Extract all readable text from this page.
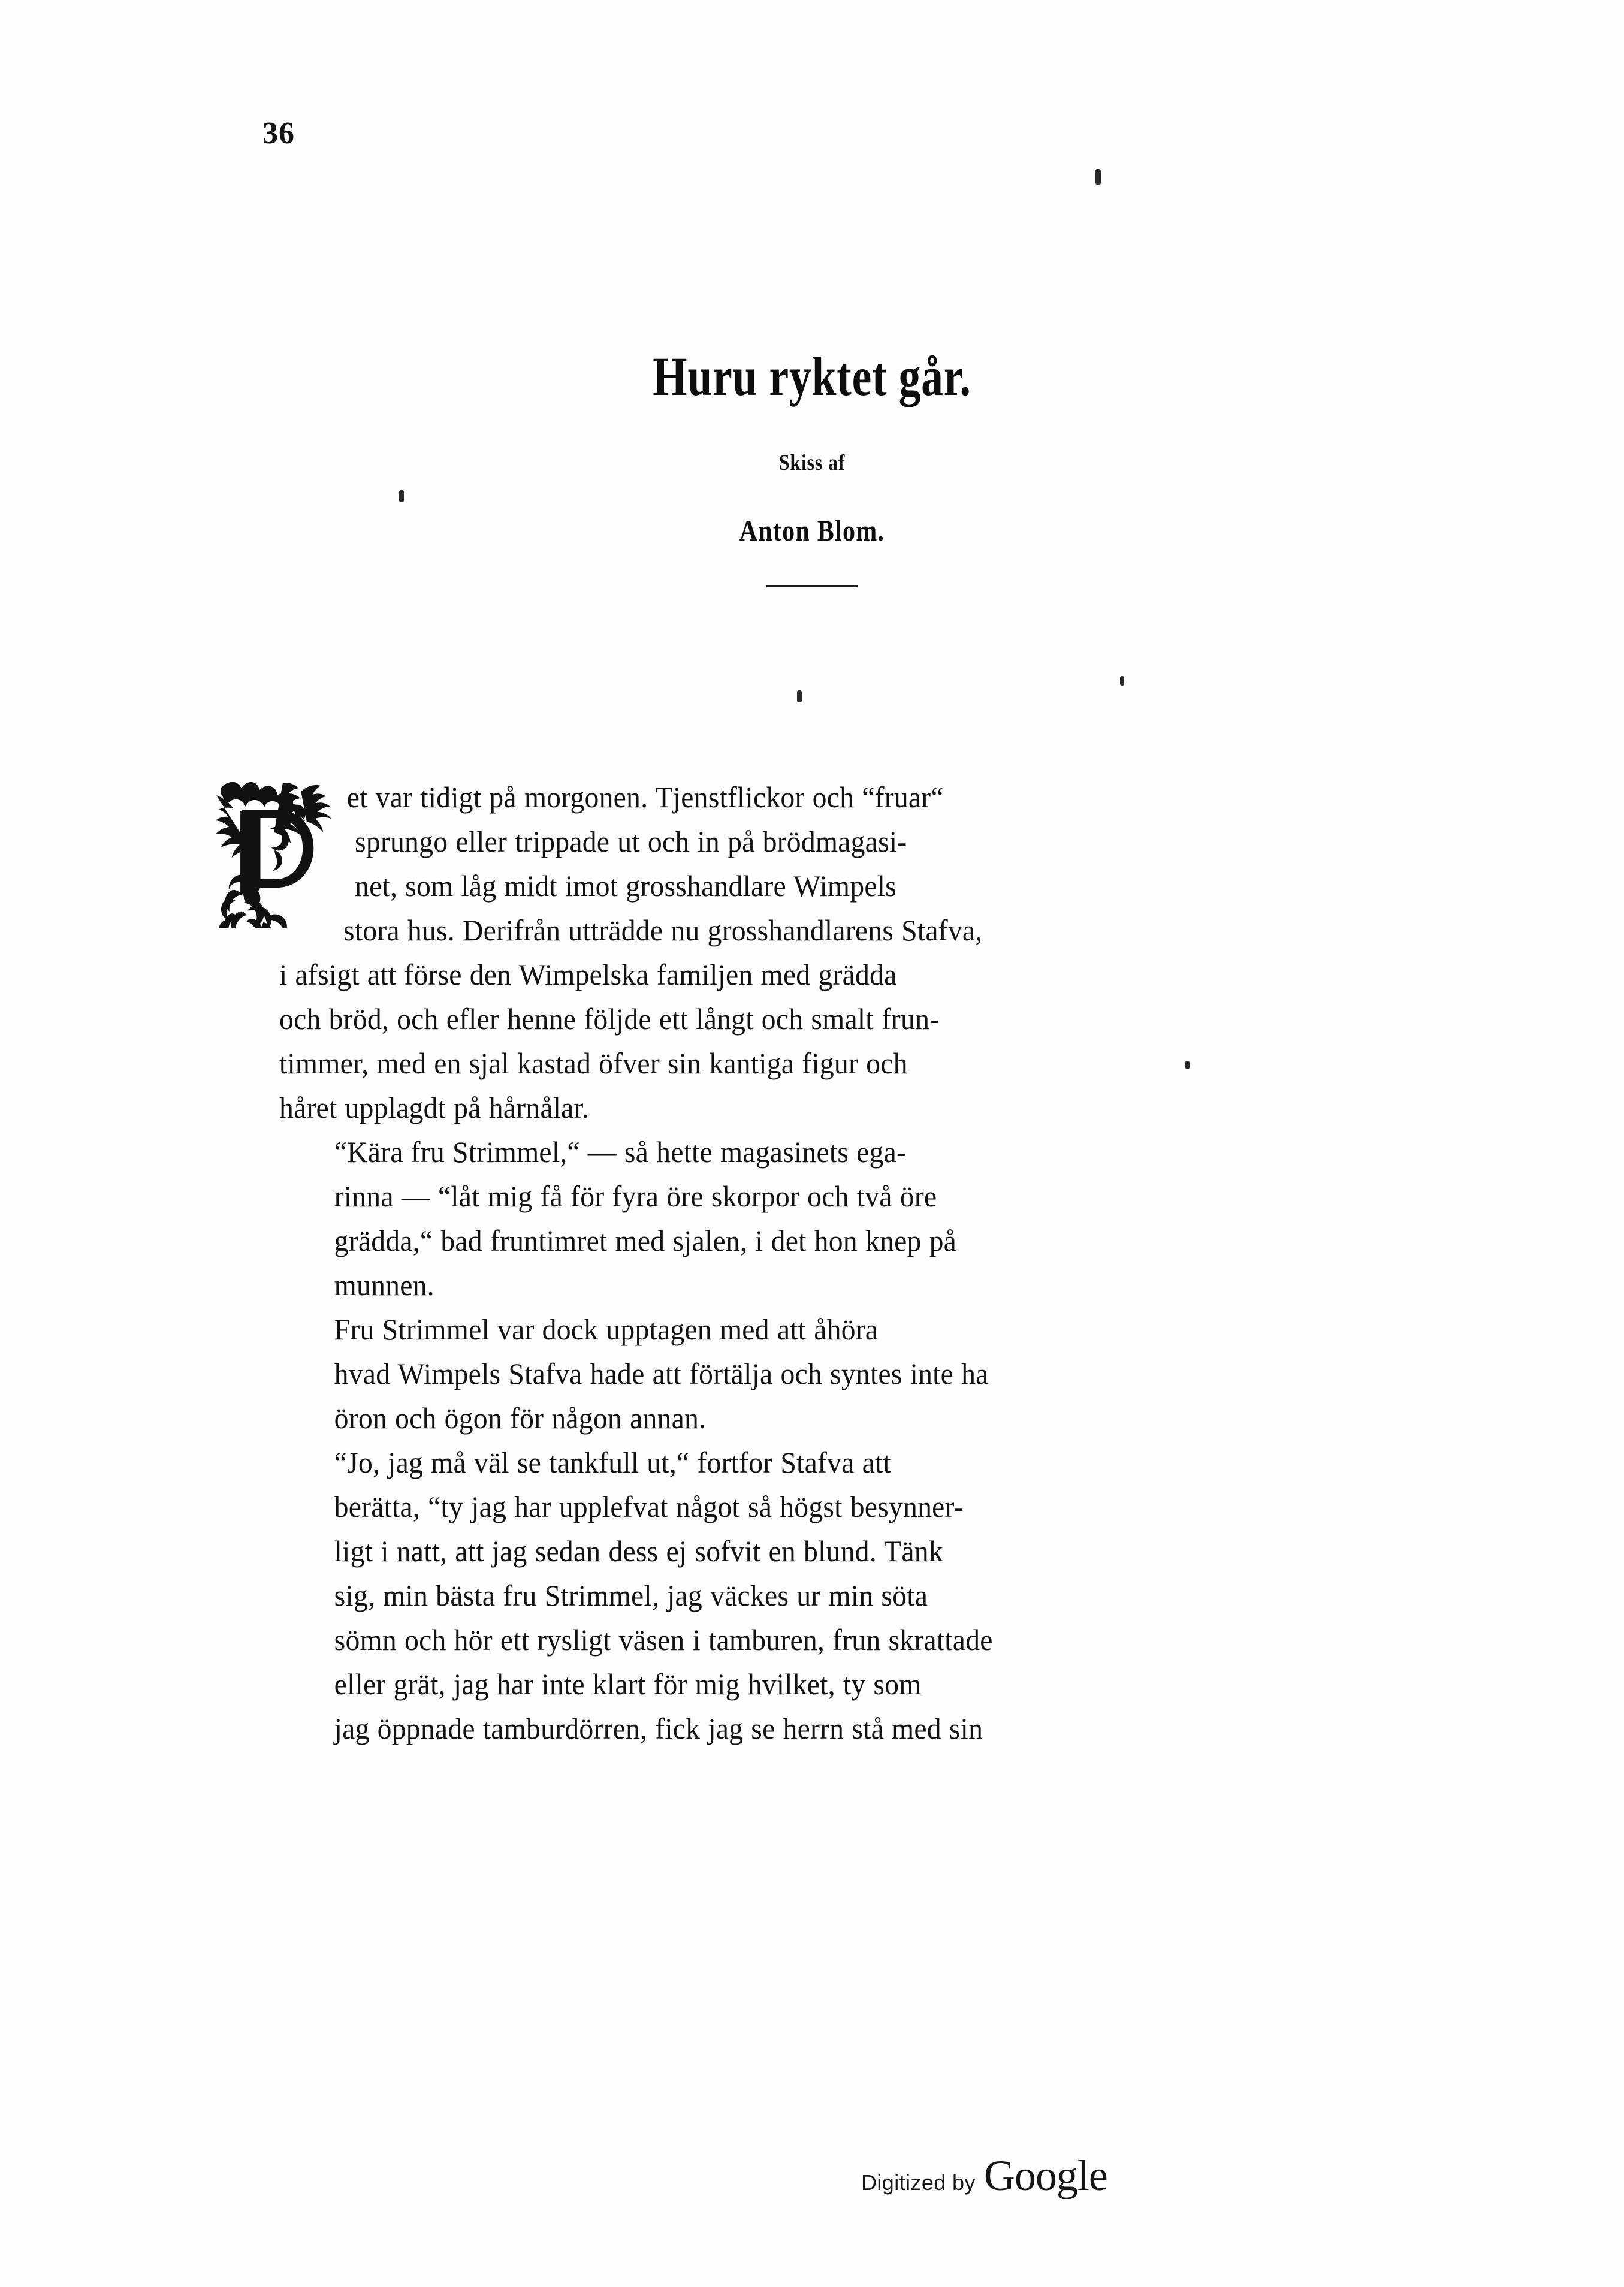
36
Huru ryktet går.
Skiss af
Anton Blom.

et var tidigt på morgonen. Tjenstflickor och “fruar“
sprungo eller trippade ut och in på brödmagasi-
net, som låg midt imot grosshandlare Wimpels
stora hus. Derifrån utträdde nu grosshandlarens Stafva,
i afsigt att förse den Wimpelska familjen med grädda
och bröd, och efler henne följde ett långt och smalt frun-
timmer, med en sjal kastad öfver sin kantiga figur och
håret upplagdt på hårnålar.

“Kära fru Strimmel,“ — så hette magasinets ega-
rinna — “låt mig få för fyra öre skorpor och två öre
grädda,“ bad fruntimret med sjalen, i det hon knep på
munnen.

Fru Strimmel var dock upptagen med att åhöra
hvad Wimpels Stafva hade att förtälja och syntes inte ha
öron och ögon för någon annan.

“Jo, jag må väl se tankfull ut,“ fortfor Stafva att
berätta, “ty jag har upplefvat något så högst besynner-
ligt i natt, att jag sedan dess ej sofvit en blund. Tänk
sig, min bästa fru Strimmel, jag väckes ur min söta
sömn och hör ett rysligt väsen i tamburen, frun skrattade
eller grät, jag har inte klart för mig hvilket, ty som
jag öppnade tamburdörren, fick jag se herrn stå med sin

Digitized by Google
